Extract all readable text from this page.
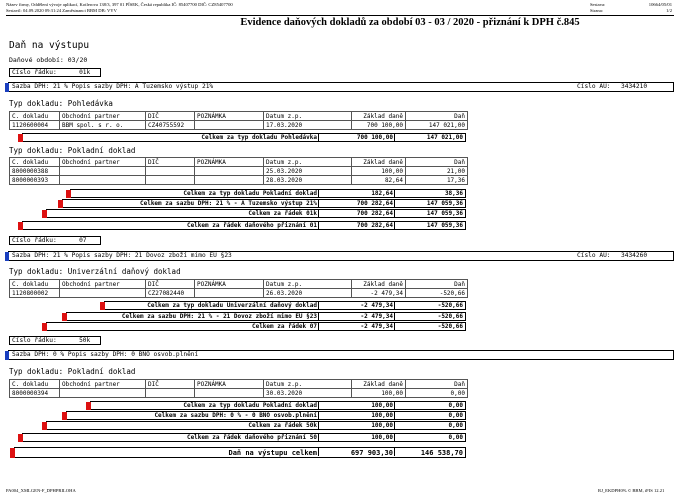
Název firmy, Oddělení vývoje aplikací, Kotlerova 138/3, 397 01 PÍSEK, Česká republika IČ: 85407700 DIČ: CZ85407700
Sestavil: 04.09.2020 09:31:24 Zaměstnanci BBM DB: VYV
Sestava:	10664/05/01
Strana:	1/2
Evidence daňových dokladů za období 03 - 03 / 2020 - přiznání k DPH č.845
Daň na výstupu
Daňové období: 03/20
Číslo řádku:	01k
Sazba DPH: 21 % Popis sazby DPH: A Tuzemsko výstup 21%	Číslo AU: 3434210
Typ dokladu: Pohledávka
C. dokladu	Obchodní partner	DIČ	POZNÁMKA	Datum z.p.	Základ daně	Daň
1120600004	BBM spol. s r. o.	CZ40755592		17.03.2020	700 100,00	147 021,00
Celkem za typ dokladu Pohledávka	700 100,00	147 021,00
Typ dokladu: Pokladní doklad
C. dokladu	Obchodní partner	DIČ	POZNÁMKA	Datum z.p.	Základ daně	Daň
8000000388				25.03.2020	100,00	21,00
8000000393				28.03.2020	82,64	17,36
Celkem za typ dokladu Pokladní doklad	182,64	38,36
Celkem za sazbu DPH: 21 % - A Tuzemsko výstup 21%	700 282,64	147 059,36
Celkem za řádek 01k	700 282,64	147 059,36
Celkem za řádek daňového přiznání 01	700 282,64	147 059,36
Číslo řádku:	07
Sazba DPH: 21 % Popis sazby DPH: 21 Dovoz zboží mimo EU §23	Číslo AU: 3434260
Typ dokladu: Univerzální daňový doklad
C. dokladu	Obchodní partner	DIČ	POZNÁMKA	Datum z.p.	Základ daně	Daň
1120800002		CZ27082440		26.03.2020	-2 479,34	-520,66
Celkem za typ dokladu Univerzální daňový doklad	-2 479,34	-520,66
Celkem za sazbu DPH: 21 % - 21 Dovoz zboží mimo EU §23	-2 479,34	-520,66
Celkem za řádek 07	-2 479,34	-520,66
Číslo řádku:	50k
Sazba DPH: 0 % Popis sazby DPH: 0 BNO osvob.plnění
Typ dokladu: Pokladní doklad
C. dokladu	Obchodní partner	DIČ	POZNÁMKA	Datum z.p.	Základ daně	Daň
8000000394				30.03.2020	100,00	0,00
Celkem za typ dokladu Pokladní doklad	100,00	0,00
Celkem za sazbu DPH: 0 % - 0 BNO osvob.plnění	100,00	0,00
Celkem za řádek 50k	100,00	0,00
Celkem za řádek daňového přiznání 50	100,00	0,00
Daň na výstupu celkem	697 903,30	146 538,70
PA004_XMLGEN-F_DPHPRILOHA	RJ_EKDPH0% © BBM, iFIS 12.21
